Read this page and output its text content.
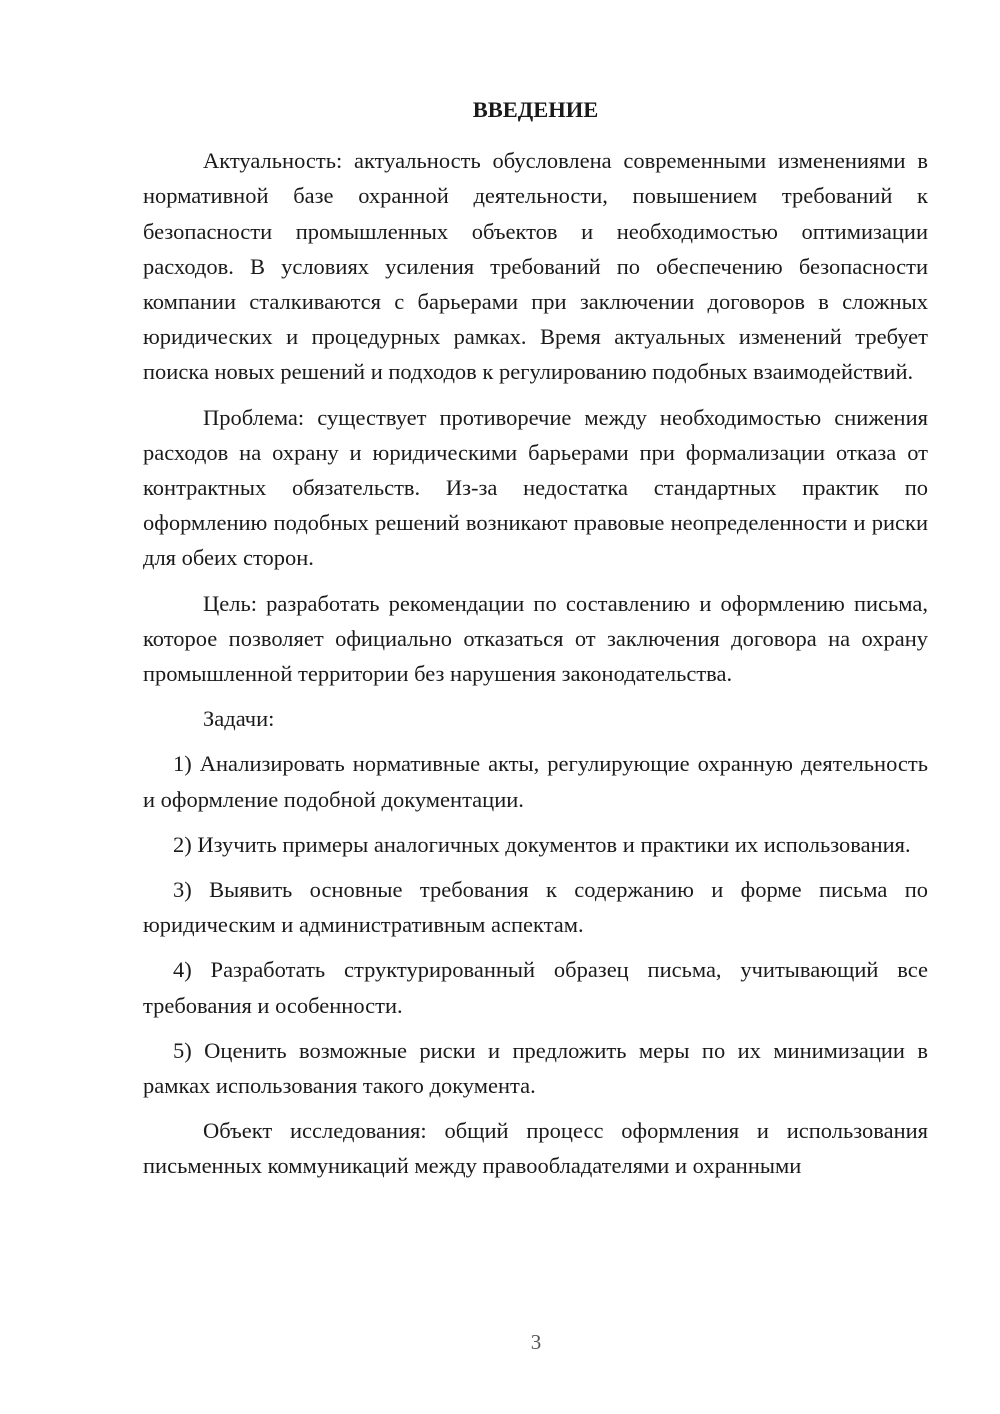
ВВЕДЕНИЕ

Актуальность: актуальность обусловлена современными изменениями в нормативной базе охранной деятельности, повышением требований к безопасности промышленных объектов и необходимостью оптимизации расходов. В условиях усиления требований по обеспечению безопасности компании сталкиваются с барьерами при заключении договоров в сложных юридических и процедурных рамках. Время актуальных изменений требует поиска новых решений и подходов к регулированию подобных взаимодействий.

Проблема: существует противоречие между необходимостью снижения расходов на охрану и юридическими барьерами при формализации отказа от контрактных обязательств. Из-за недостатка стандартных практик по оформлению подобных решений возникают правовые неопределенности и риски для обеих сторон.

Цель: разработать рекомендации по составлению и оформлению письма, которое позволяет официально отказаться от заключения договора на охрану промышленной территории без нарушения законодательства.

Задачи:

1) Анализировать нормативные акты, регулирующие охранную деятельность и оформление подобной документации.

2) Изучить примеры аналогичных документов и практики их использования.

3) Выявить основные требования к содержанию и форме письма по юридическим и административным аспектам.

4) Разработать структурированный образец письма, учитывающий все требования и особенности.

5) Оценить возможные риски и предложить меры по их минимизации в рамках использования такого документа.

Объект исследования: общий процесс оформления и использования письменных коммуникаций между правообладателями и охранными

3
